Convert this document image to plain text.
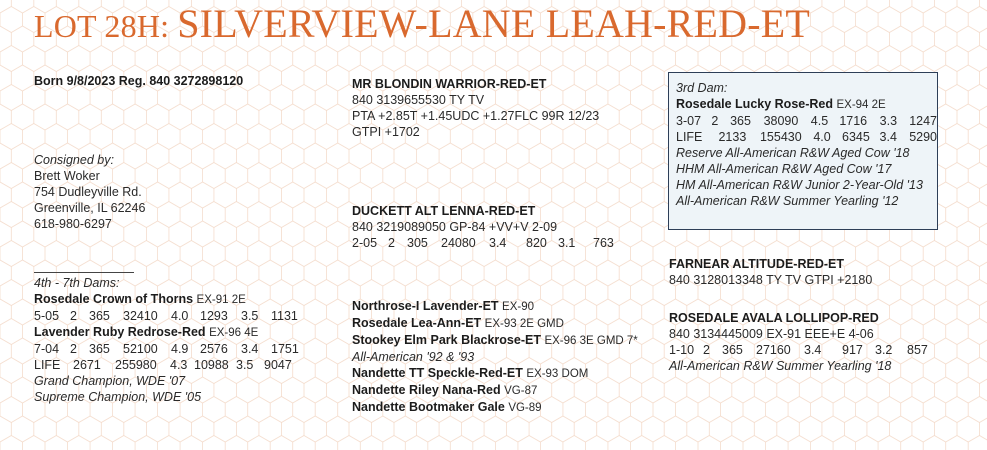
LOT 28H: SILVERVIEW-LANE LEAH-RED-ET
Born 9/8/2023 Reg. 840 3272898120
Consigned by:
Brett Woker
754 Dudleyville Rd.
Greenville, IL 62246
618-980-6297
4th - 7th Dams:
Rosedale Crown of Thorns EX-91 2E
5-05 2 365	32410	4.0 1293	3.5	1131
Lavender Ruby Redrose-Red EX-96 4E
7-04 2 365	52100	4.9 2576	3.4	1751
LIFE	2671	255980	4.3 10988 3.5 9047
Grand Champion, WDE '07
Supreme Champion, WDE '05
MR BLONDIN WARRIOR-RED-ET
840 3139655530 TY TV
PTA +2.85T +1.45UDC +1.27FLC 99R 12/23
GTPI +1702
DUCKETT ALT LENNA-RED-ET
840 3219089050 GP-84 +VV+V 2-09
2-05 2 305	24080	3.4	820 3.1	763
Northrose-I Lavender-ET EX-90
Rosedale Lea-Ann-ET EX-93 2E GMD
Stookey Elm Park Blackrose-ET EX-96 3E GMD 7*
All-American '92 & '93
Nandette TT Speckle-Red-ET EX-93 DOM
Nandette Riley Nana-Red VG-87
Nandette Bootmaker Gale VG-89
3rd Dam:
Rosedale Lucky Rose-Red EX-94 2E
3-07 2 365	38090 4.5 1716	3.3 1247
LIFE	2133	155430 4.0 6345 3.4 5290
Reserve All-American R&W Aged Cow '18
HHM All-American R&W Aged Cow '17
HM All-American R&W Junior 2-Year-Old '13
All-American R&W Summer Yearling '12
FARNEAR ALTITUDE-RED-ET
840 3128013348 TY TV GTPI +2180
ROSEDALE AVALA LOLLIPOP-RED
840 3134445009 EX-91 EEE+E 4-06
1-10 2 365	27160	3.4	917 3.2	857
All-American R&W Summer Yearling '18
